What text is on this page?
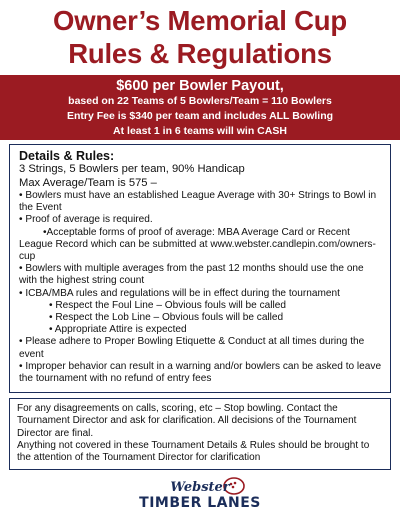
Owner’s Memorial Cup
Rules & Regulations
$600 per Bowler Payout,
based on 22 Teams of 5 Bowlers/Team = 110 Bowlers
Entry Fee is $340 per team and includes ALL Bowling
At least 1 in 6 teams will win CASH
Details & Rules:
3 Strings, 5 Bowlers per team, 90% Handicap
Max Average/Team is 575 –
• Bowlers must have an established League Average with 30+ Strings to Bowl in the Event
• Proof of average is required.
•Acceptable forms of proof of average: MBA Average Card or Recent League Record which can be submitted at www.webster.candlepin.com/owners-cup
• Bowlers with multiple averages from the past 12 months should use the one with the highest string count
• ICBA/MBA rules and regulations will be in effect during the tournament
• Respect the Foul Line – Obvious fouls will be called
• Respect the Lob Line – Obvious fouls will be called
• Appropriate Attire is expected
• Please adhere to Proper Bowling Etiquette & Conduct at all times during the event
• Improper behavior can result in a warning and/or bowlers can be asked to leave the tournament with no refund of entry fees
For any disagreements on calls, scoring, etc – Stop bowling. Contact the Tournament Director and ask for clarification. All decisions of the Tournament Director are final.
Anything not covered in these Tournament Details & Rules should be brought to the attention of the Tournament Director for clarification
Webster
TIMBER LANES
